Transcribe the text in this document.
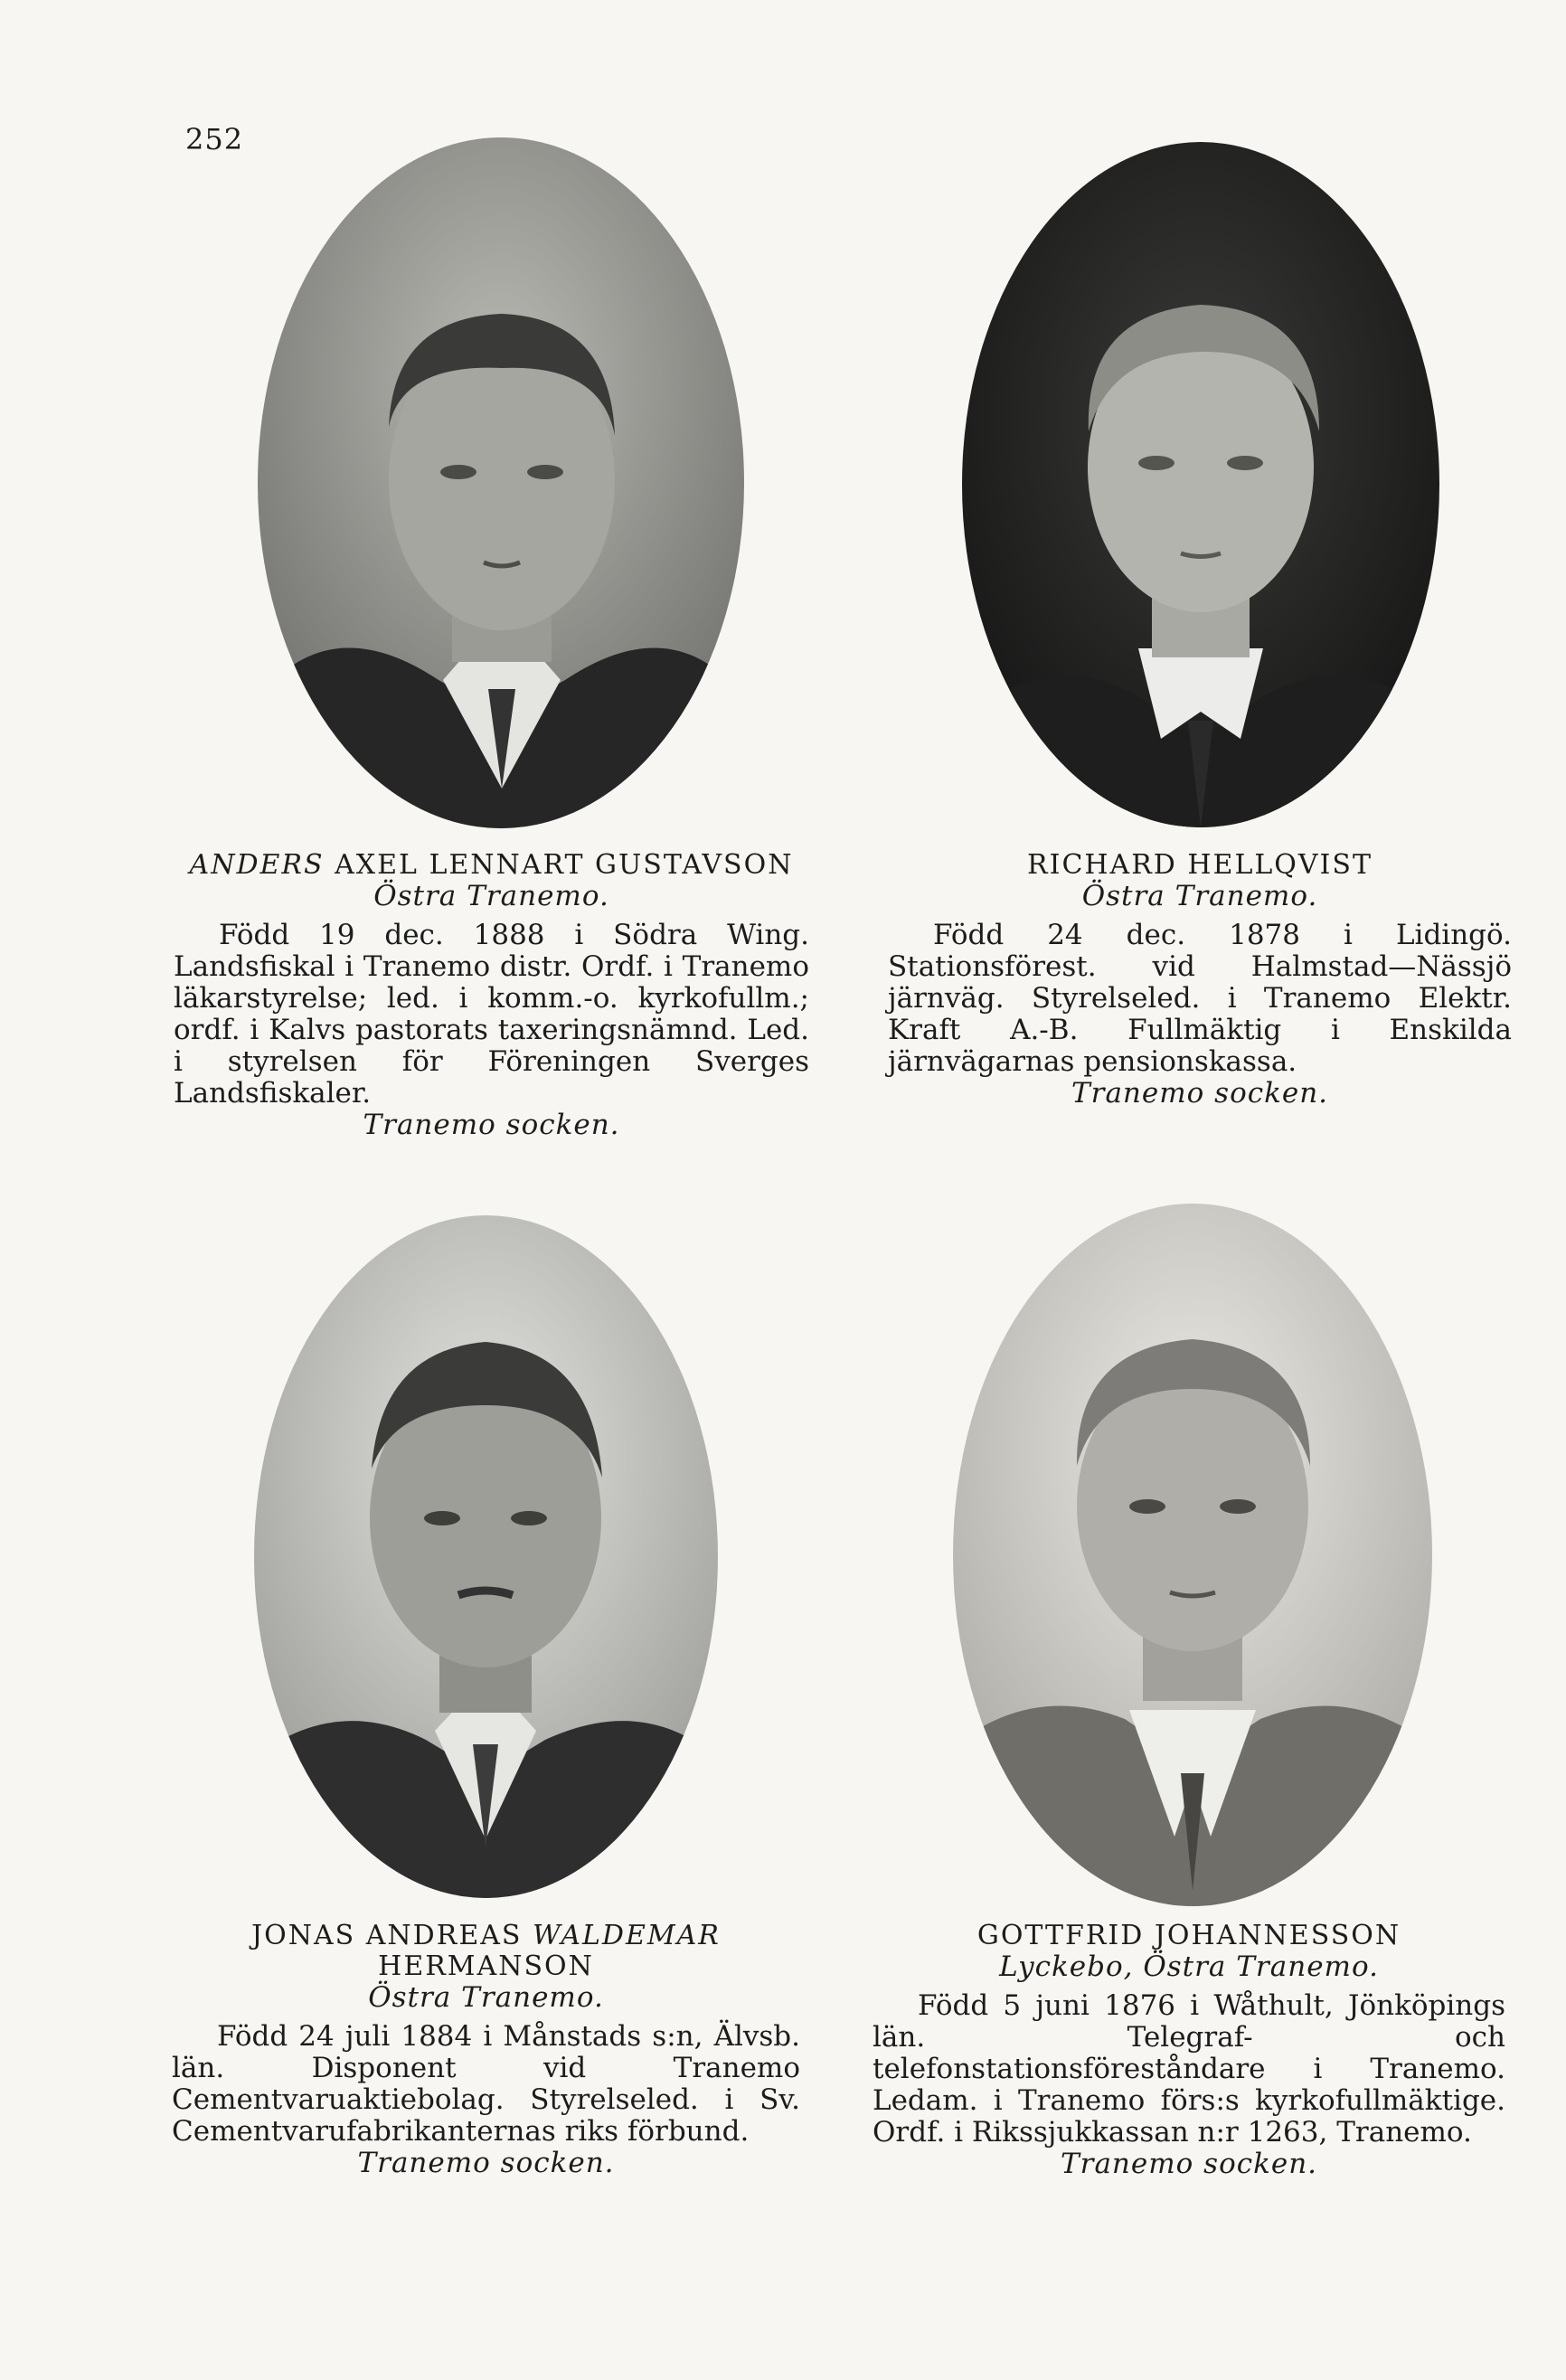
252
ANDERS AXEL LENNART GUSTAVSON
Östra Tranemo.
Född 19 dec. 1888 i Södra Wing. Landsfiskal i Tranemo distr. Ordf. i Tranemo läkarstyrelse; led. i komm.-o. kyrkofullm.; ordf. i Kalvs pastorats taxeringsnämnd. Led. i styrelsen för Föreningen Sverges Landsfiskaler.
Tranemo socken.
RICHARD HELLQVIST
Östra Tranemo.
Född 24 dec. 1878 i Lidingö. Stationsförest. vid Halmstad—Nässjö järnväg. Styrelseled. i Tranemo Elektr. Kraft A.-B. Fullmäktig i Enskilda järnvägarnas pensionskassa.
Tranemo socken.
JONAS ANDREAS WALDEMAR HERMANSON
Östra Tranemo.
Född 24 juli 1884 i Månstads s:n, Älvsb. län. Disponent vid Tranemo Cementvaruaktiebolag. Styrelseled. i Sv. Cementvarufabrikanternas riks förbund.
Tranemo socken.
GOTTFRID JOHANNESSON
Lyckebo, Östra Tranemo.
Född 5 juni 1876 i Wåthult, Jönköpings län. Telegraf- och telefonstationsföreståndare i Tranemo. Ledam. i Tranemo förs:s kyrkofullmäktige. Ordf. i Rikssjukkassan n:r 1263, Tranemo.
Tranemo socken.
